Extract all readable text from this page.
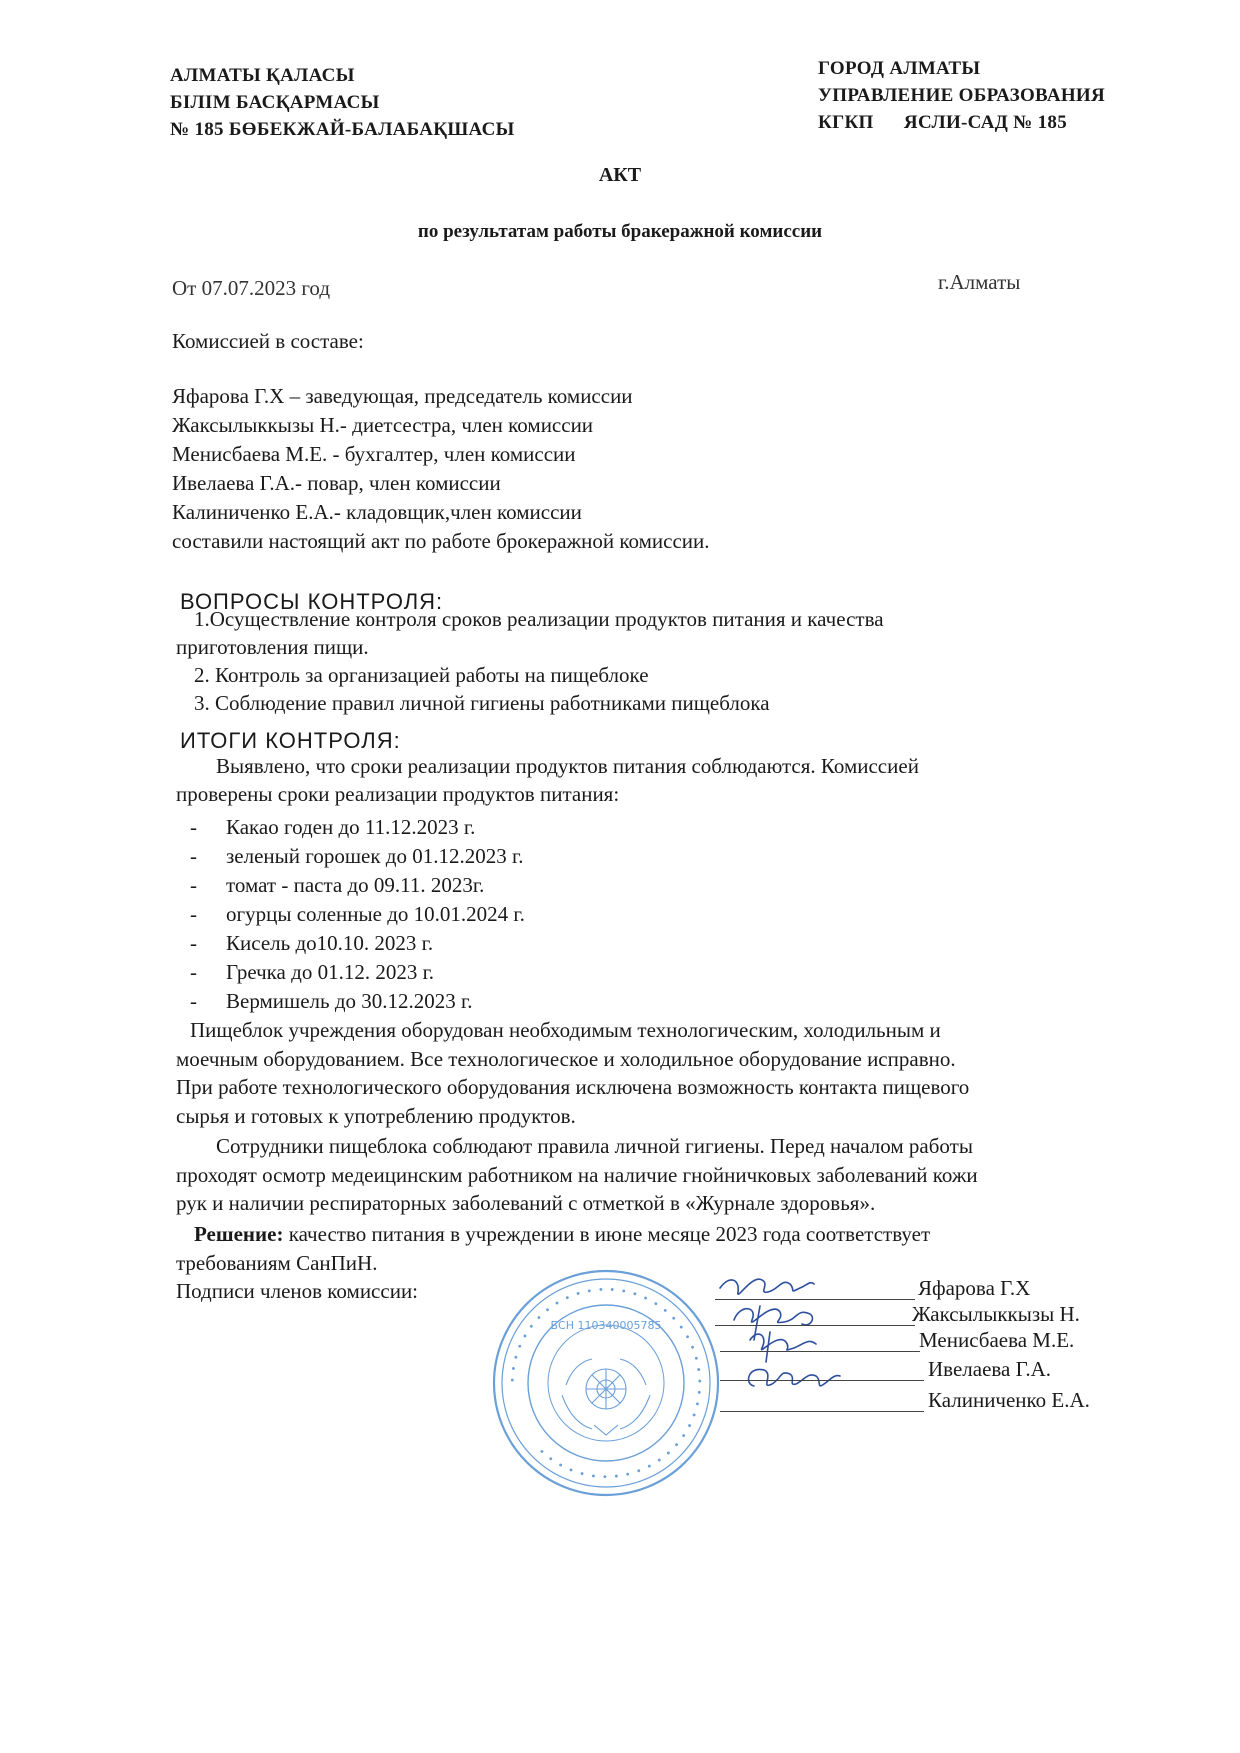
АЛМАТЫ ҚАЛАСЫ
БІЛІМ БАСҚАРМАСЫ
№ 185 БӨБЕКЖАЙ-БАЛАБАҚШАСЫ
ГОРОД АЛМАТЫ
УПРАВЛЕНИЕ ОБРАЗОВАНИЯ
КГКП      ЯСЛИ-САД № 185
АКТ
по результатам работы бракеражной комиссии
От 07.07.2023 год	г.Алматы
Комиссией в составе:
Яфарова Г.Х – заведующая, председатель комиссии
Жаксылыккызы Н.- диетсестра, член комиссии
Менисбаева М.Е. - бухгалтер, член комиссии
Ивелаева Г.А.- повар, член комиссии
Калиниченко Е.А.- кладовщик,член комиссии
составили настоящий акт по работе брокеражной комиссии.
ВОПРОСЫ КОНТРОЛЯ:
1.Осуществление контроля сроков реализации продуктов питания и качества
приготовления пищи.
2. Контроль за организацией работы на пищеблоке
3. Соблюдение правил личной гигиены работниками пищеблока
ИТОГИ КОНТРОЛЯ:
Выявлено, что сроки реализации продуктов питания соблюдаются. Комиссией
проверены сроки реализации продуктов питания:
- Какао годен до 11.12.2023 г.
- зеленый горошек до 01.12.2023 г.
- томат - паста до 09.11. 2023г.
- огурцы соленные до 10.01.2024 г.
- Кисель до10.10. 2023 г.
- Гречка до 01.12. 2023 г.
- Вермишель до 30.12.2023 г.
Пищеблок учреждения оборудован необходимым технологическим, холодильным и
моечным оборудованием. Все технологическое и холодильное оборудование исправно.
При работе технологического оборудования исключена возможность контакта пищевого
сырья и готовых к употреблению продуктов.
Сотрудники пищеблока соблюдают правила личной гигиены. Перед началом работы
проходят осмотр медеицинским работником на наличие гнойничковых заболеваний кожи
рук и наличии респираторных заболеваний с отметкой в «Журнале здоровья».
Решение: качество питания в учреждении в июне месяце 2023 года соответствует
требованиям СанПиН.
Подписи членов комиссии:
• • • • • • • • • • • • • • • • • • • • • • • • • • • • • • • • • • • • • • • • • • • • •
БСН 110340005785
Яфарова Г.Х
Жаксылыккызы Н.
Менисбаева М.Е.
Ивелаева Г.А.
Калиниченко Е.А.
